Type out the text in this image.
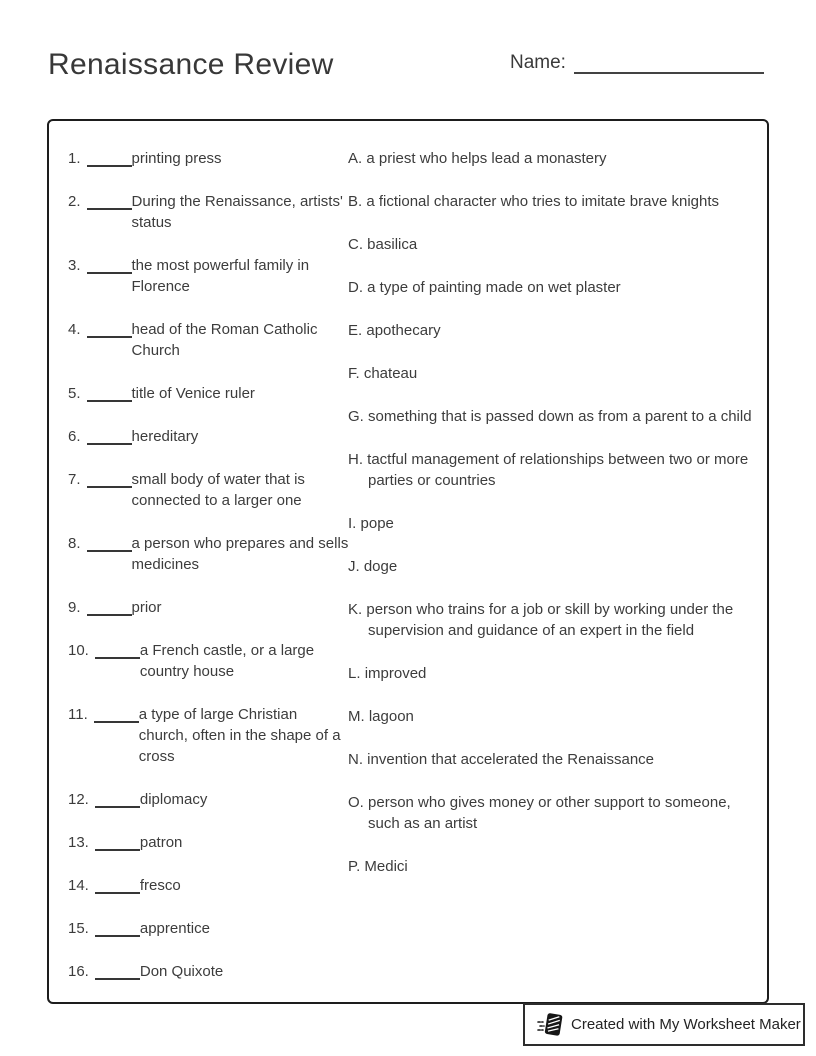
Renaissance Review	Name:
1.	printing press
2.	During the Renaissance, artists' status
3.	the most powerful family in Florence
4.	head of the Roman Catholic Church
5.	title of Venice ruler
6.	hereditary
7.	small body of water that is connected to a larger one
8.	a person who prepares and sells medicines
9.	prior
10.	a French castle, or a large country house
11.	a type of large Christian church, often in the shape of a cross
12.	diplomacy
13.	patron
14.	fresco
15.	apprentice
16.	Don Quixote
A. a priest who helps lead a monastery
B. a fictional character who tries to imitate brave knights
C. basilica
D. a type of painting made on wet plaster
E. apothecary
F. chateau
G. something that is passed down as from a parent to a child
H. tactful management of relationships between two or more parties or countries
I. pope
J. doge
K. person who trains for a job or skill by working under the supervision and guidance of an expert in the field
L. improved
M. lagoon
N. invention that accelerated the Renaissance
O. person who gives money or other support to someone, such as an artist
P. Medici
Created with My Worksheet Maker
